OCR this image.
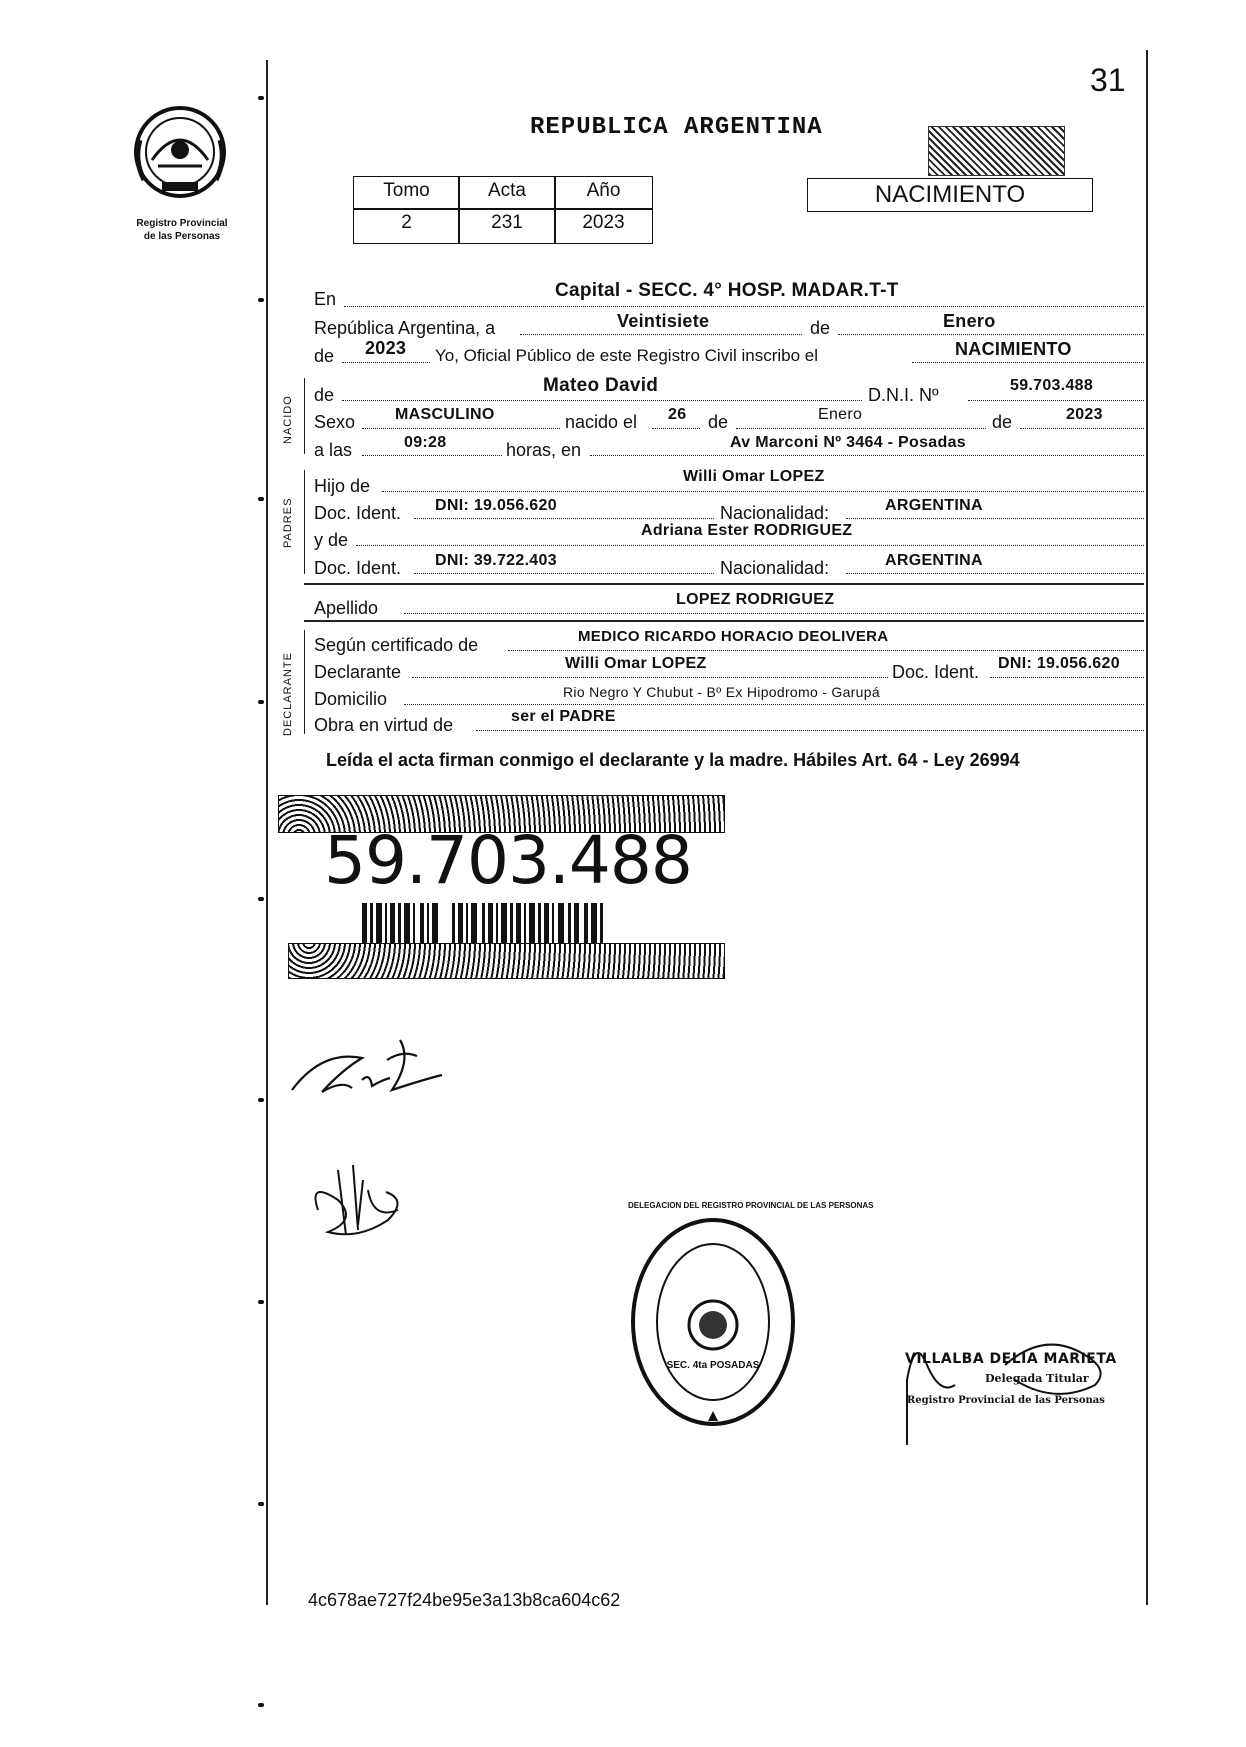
31
Registro Provincial
de las Personas
REPUBLICA ARGENTINA
Tomo	Acta	Año
2	231	2023
NACIMIENTO
En	Capital - SECC. 4° HOSP. MADAR.T-T
República Argentina, a	Veintisiete	de	Enero
de 2023 Yo, Oficial Público de este Registro Civil inscribo el	NACIMIENTO
NACIDO
de	Mateo David	D.N.I. Nº	59.703.488
Sexo MASCULINO	nacido el 26 de	Enero	de	2023
a las	09:28	horas, en	Av Marconi Nº 3464 - Posadas
PADRES
Hijo de	Willi Omar LOPEZ
Doc. Ident. DNI: 19.056.620	Nacionalidad:	ARGENTINA
y de	Adriana Ester RODRIGUEZ
Doc. Ident. DNI: 39.722.403	Nacionalidad:	ARGENTINA
Apellido	LOPEZ RODRIGUEZ
DECLARANTE
Según certificado de	MEDICO RICARDO HORACIO DEOLIVERA
Declarante	Willi Omar LOPEZ	Doc. Ident. DNI: 19.056.620
Domicilio	Rio Negro Y Chubut - Bº Ex Hipodromo - Garupá
Obra en virtud de	ser el PADRE
Leída el acta firman conmigo el declarante y la madre. Hábiles Art. 64 - Ley 26994
59.703.488
DELEGACION DEL REGISTRO PROVINCIAL DE LAS PERSONAS
SEC. 4ta POSADAS	VILLALBA DELIA MARIETA
Delegada Titular
Registro Provincial de las Personas
4c678ae727f24be95e3a13b8ca604c62
